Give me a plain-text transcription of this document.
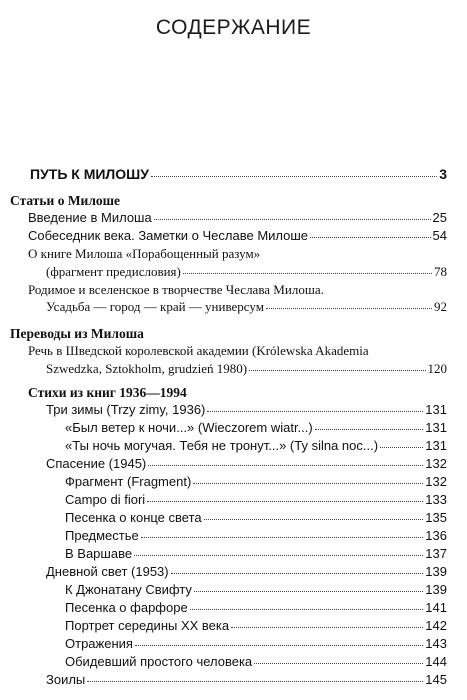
СОДЕРЖАНИЕ
ПУТЬ К МИЛОШУ	3
Статьи о Милоше
Введение в Милоша	25
Собеседник века. Заметки о Чеславе Милоше	54
О книге Милоша «Порабощенный разум»
(фрагмент предисловия)	78
Родимое и вселенское в творчестве Чеслава Милоша.
Усадьба — город — край — универсум	92
Переводы из Милоша
Речь в Шведской королевской академии (Królewska Akademia
Szwedzka, Sztokholm, grudzień 1980)	120
Стихи из книг 1936—1994
Три зимы (Trzy zimy, 1936)	131
«Был ветер к ночи...» (Wieczorem wiatr...)	131
«Ты ночь могучая. Тебя не тронут...» (Ty silna noc...)	131
Спасение (1945)	132
Фрагмент (Fragment)	132
Campo di fiori	133
Песенка о конце света	135
Предместье	136
В Варшаве	137
Дневной свет (1953)	139
К Джонатану Свифту	139
Песенка о фарфоре	141
Портрет середины XX века	142
Отражения	143
Обидевший простого человека	144
Зоилы	145
